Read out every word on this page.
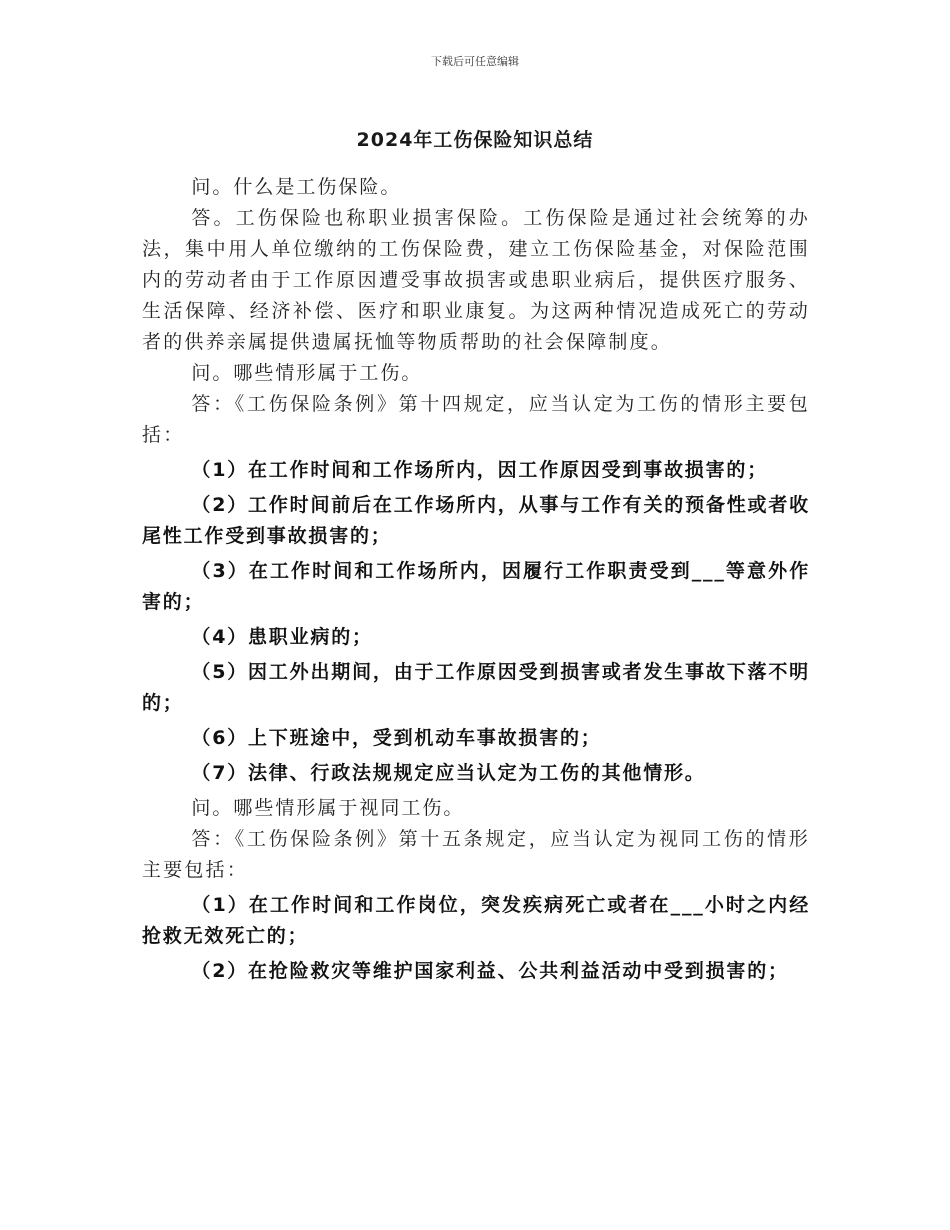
下载后可任意编辑
2024年工伤保险知识总结

问。什么是工伤保险。

答。工伤保险也称职业损害保险。工伤保险是通过社会统筹的办法，集中用人单位缴纳的工伤保险费，建立工伤保险基金，对保险范围内的劳动者由于工作原因遭受事故损害或患职业病后，提供医疗服务、生活保障、经济补偿、医疗和职业康复。为这两种情况造成死亡的劳动者的供养亲属提供遗属抚恤等物质帮助的社会保障制度。

问。哪些情形属于工伤。

答：《工伤保险条例》第十四规定，应当认定为工伤的情形主要包括：

（1）在工作时间和工作场所内，因工作原因受到事故损害的；

（2）工作时间前后在工作场所内，从事与工作有关的预备性或者收尾性工作受到事故损害的；

（3）在工作时间和工作场所内，因履行工作职责受到___等意外作害的；

（4）患职业病的；

（5）因工外出期间，由于工作原因受到损害或者发生事故下落不明的；

（6）上下班途中，受到机动车事故损害的；

（7）法律、行政法规规定应当认定为工伤的其他情形。

问。哪些情形属于视同工伤。

答：《工伤保险条例》第十五条规定，应当认定为视同工伤的情形主要包括：

（1）在工作时间和工作岗位，突发疾病死亡或者在___小时之内经抢救无效死亡的；

（2）在抢险救灾等维护国家利益、公共利益活动中受到损害的；
